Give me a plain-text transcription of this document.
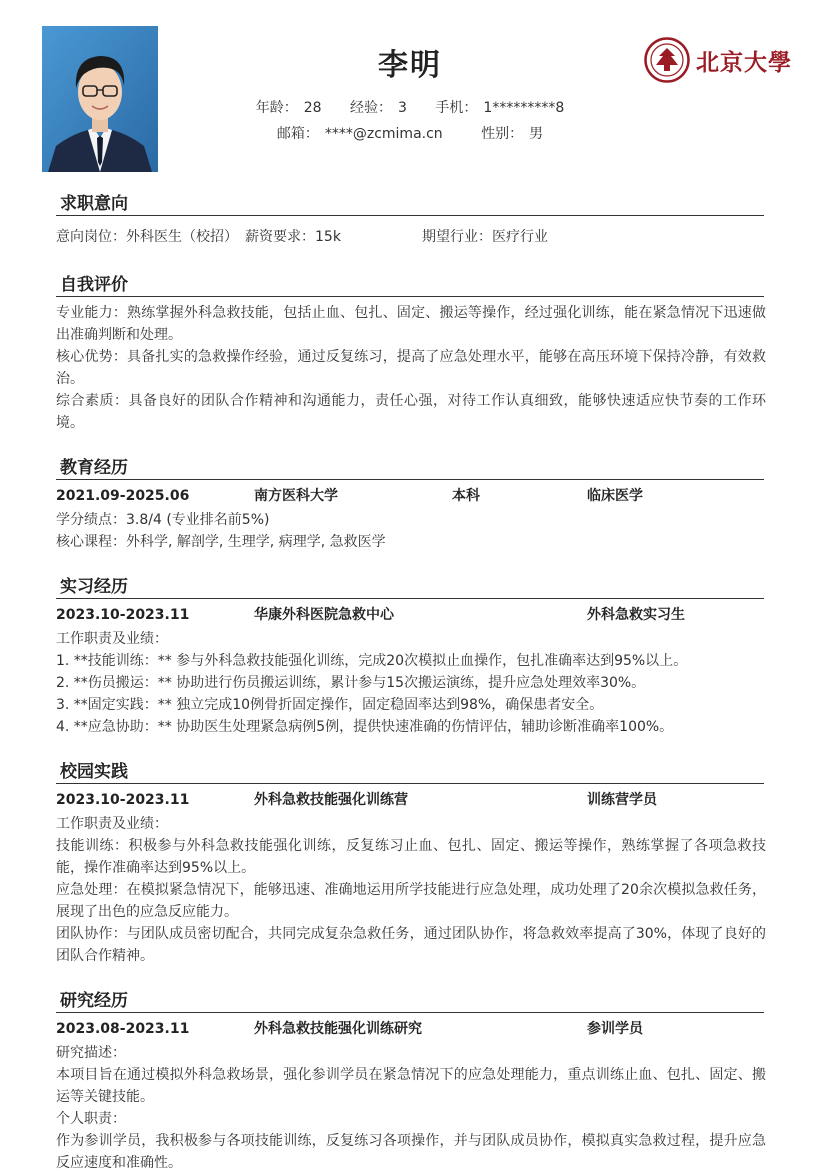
李明
年龄： 28 经验： 3 手机： 1*********8
邮箱： ****@zcmima.cn	性别： 男
北京大學
求职意向
意向岗位：外科医生（校招） 薪资要求：15k	期望行业：医疗行业
自我评价
专业能力：熟练掌握外科急救技能，包括止血、包扎、固定、搬运等操作，经过强化训练，能在紧急情况下迅速做出准确判断和处理。
核心优势：具备扎实的急救操作经验，通过反复练习，提高了应急处理水平，能够在高压环境下保持冷静，有效救治。
综合素质：具备良好的团队合作精神和沟通能力，责任心强，对待工作认真细致，能够快速适应快节奏的工作环境。
教育经历
2021.09-2025.06	南方医科大学	本科	临床医学
学分绩点：3.8/4 (专业排名前5%)
核心课程：外科学, 解剖学, 生理学, 病理学, 急救医学
实习经历
2023.10-2023.11	华康外科医院急救中心	外科急救实习生
工作职责及业绩：
1. **技能训练：** 参与外科急救技能强化训练，完成20次模拟止血操作，包扎准确率达到95%以上。
2. **伤员搬运：** 协助进行伤员搬运训练，累计参与15次搬运演练，提升应急处理效率30%。
3. **固定实践：** 独立完成10例骨折固定操作，固定稳固率达到98%，确保患者安全。
4. **应急协助：** 协助医生处理紧急病例5例，提供快速准确的伤情评估，辅助诊断准确率100%。
校园实践
2023.10-2023.11	外科急救技能强化训练营	训练营学员
工作职责及业绩：
技能训练：积极参与外科急救技能强化训练，反复练习止血、包扎、固定、搬运等操作，熟练掌握了各项急救技能，操作准确率达到95%以上。
应急处理：在模拟紧急情况下，能够迅速、准确地运用所学技能进行应急处理，成功处理了20余次模拟急救任务，展现了出色的应急反应能力。
团队协作：与团队成员密切配合，共同完成复杂急救任务，通过团队协作，将急救效率提高了30%，体现了良好的团队合作精神。
研究经历
2023.08-2023.11	外科急救技能强化训练研究	参训学员
研究描述：
本项目旨在通过模拟外科急救场景，强化参训学员在紧急情况下的应急处理能力，重点训练止血、包扎、固定、搬运等关键技能。
个人职责：
作为参训学员，我积极参与各项技能训练，反复练习各项操作，并与团队成员协作，模拟真实急救过程，提升应急反应速度和准确性。
